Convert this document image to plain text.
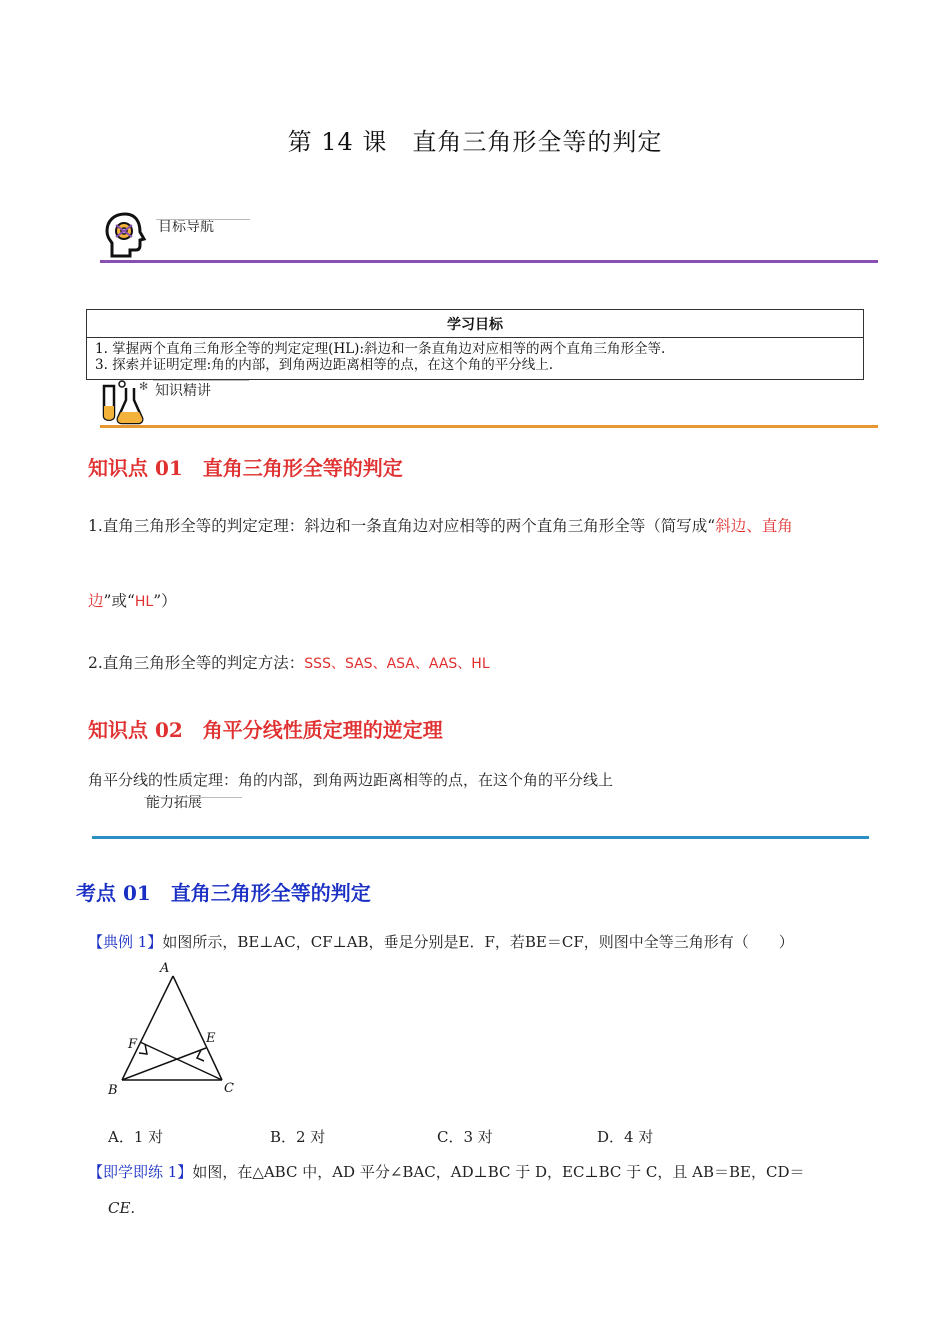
第 14 课　直角三角形全等的判定
目标导航
学习目标

1. 掌握两个直角三角形全等的判定定理(HL):斜边和一条直角边对应相等的两个直角三角形全等.
3. 探索并证明定理:角的内部，到角两边距离相等的点，在这个角的平分线上.
✻ 知识精讲
知识点 01　直角三角形全等的判定
1.直角三角形全等的判定定理：斜边和一条直角边对应相等的两个直角三角形全等（简写成“斜边、直角
边”或“HL”）
2.直角三角形全等的判定方法：SSS、SAS、ASA、AAS、HL
知识点 02　角平分线性质定理的逆定理
角平分线的性质定理：角的内部，到角两边距离相等的点，在这个角的平分线上
能力拓展
考点 01　直角三角形全等的判定
【典例 1】如图所示，BE⊥AC，CF⊥AB，垂足分别是E．F，若BE＝CF，则图中全等三角形有（　　）
A
F	E
B	C
A．1 对	B．2 对	C．3 对	D．4 对
【即学即练 1】如图，在△ABC 中，AD 平分∠BAC，AD⊥BC 于 D，EC⊥BC 于 C，且 AB＝BE，CD＝
CE.
